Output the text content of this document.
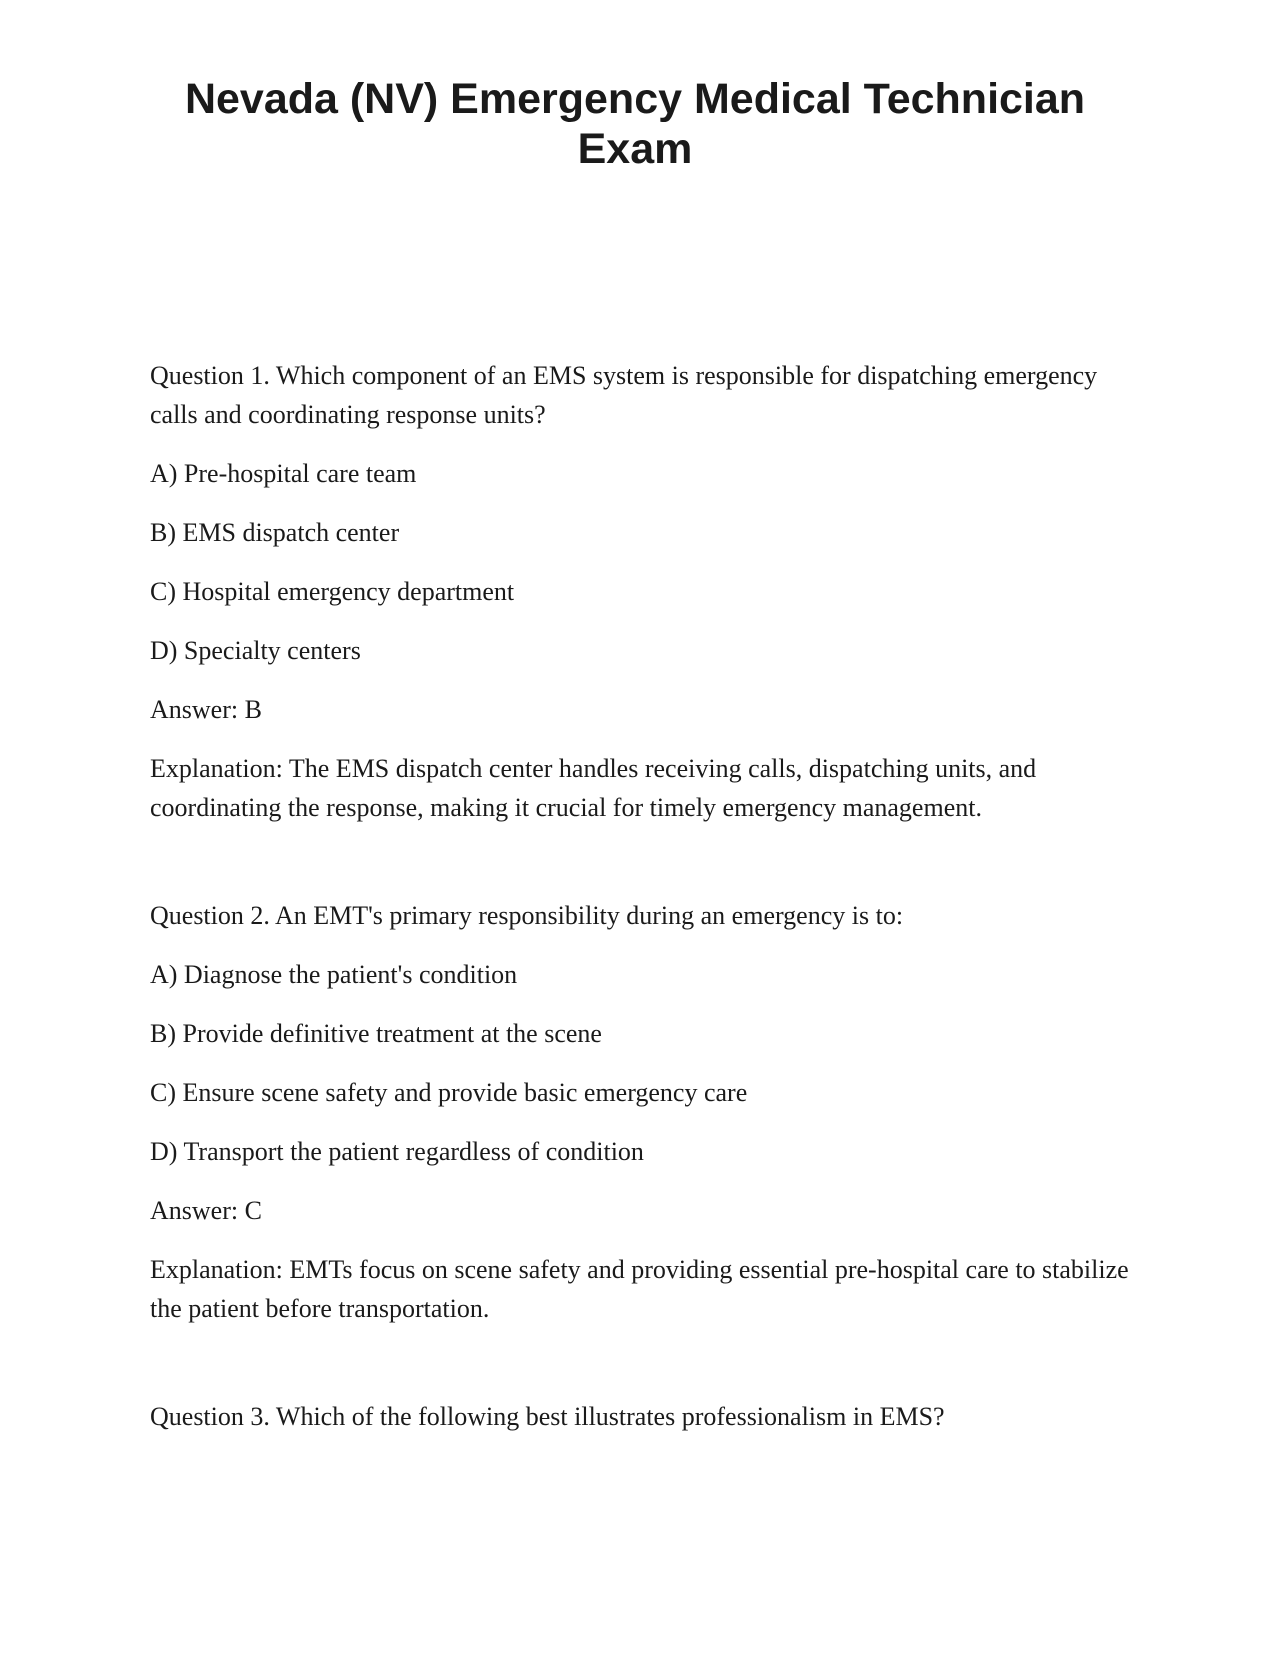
Nevada (NV) Emergency Medical Technician Exam

Question 1. Which component of an EMS system is responsible for dispatching emergency calls and coordinating response units?

A) Pre-hospital care team

B) EMS dispatch center

C) Hospital emergency department

D) Specialty centers

Answer: B

Explanation: The EMS dispatch center handles receiving calls, dispatching units, and coordinating the response, making it crucial for timely emergency management.

Question 2. An EMT's primary responsibility during an emergency is to:

A) Diagnose the patient's condition

B) Provide definitive treatment at the scene

C) Ensure scene safety and provide basic emergency care

D) Transport the patient regardless of condition

Answer: C

Explanation: EMTs focus on scene safety and providing essential pre-hospital care to stabilize the patient before transportation.

Question 3. Which of the following best illustrates professionalism in EMS?
